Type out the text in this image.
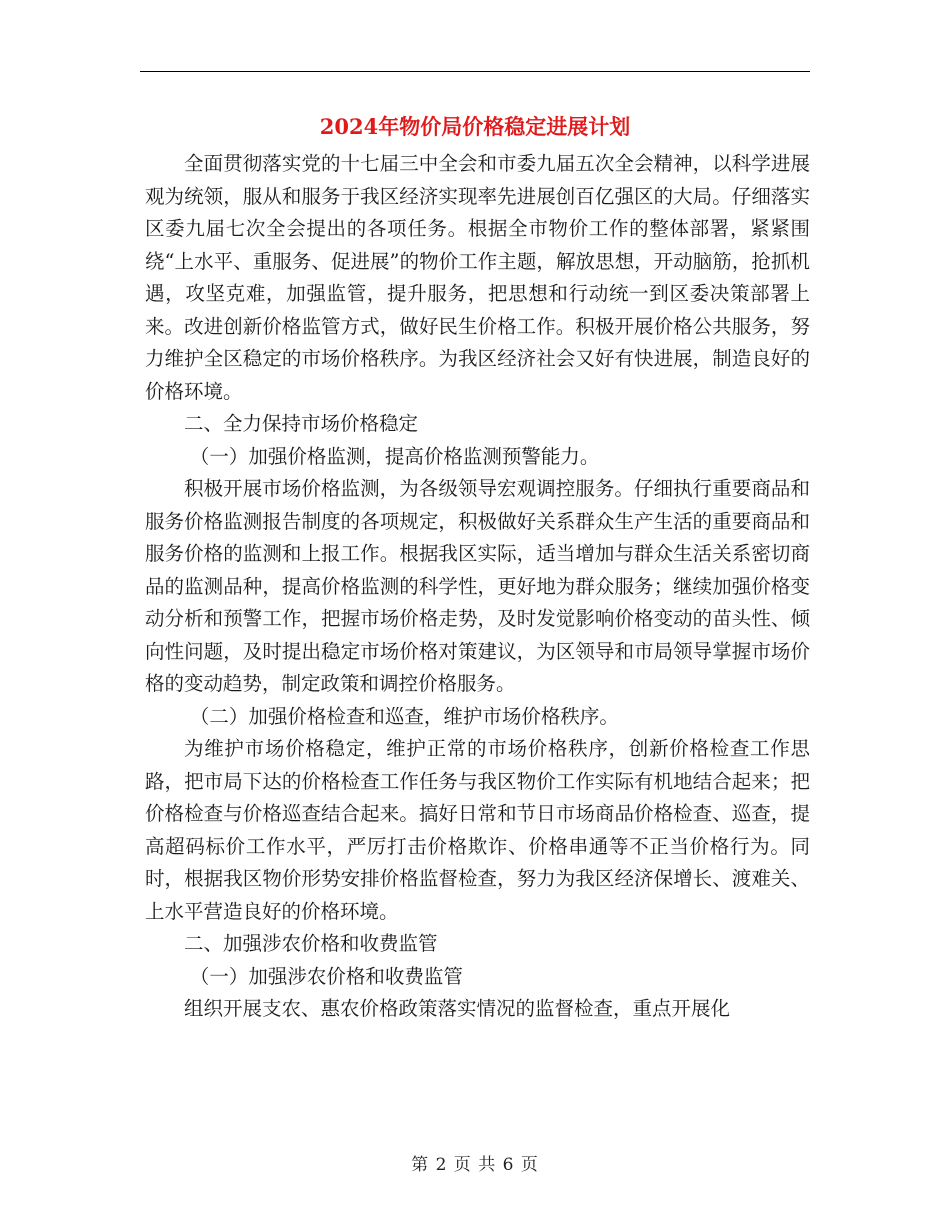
2024年物价局价格稳定进展计划

全面贯彻落实党的十七届三中全会和市委九届五次全会精神，以科学进展观为统领，服从和服务于我区经济实现率先进展创百亿强区的大局。仔细落实区委九届七次全会提出的各项任务。根据全市物价工作的整体部署，紧紧围绕“上水平、重服务、促进展”的物价工作主题，解放思想，开动脑筋，抢抓机遇，攻坚克难，加强监管，提升服务，把思想和行动统一到区委决策部署上来。改进创新价格监管方式，做好民生价格工作。积极开展价格公共服务，努力维护全区稳定的市场价格秩序。为我区经济社会又好有快进展，制造良好的价格环境。

二、全力保持市场价格稳定

（一）加强价格监测，提高价格监测预警能力。

积极开展市场价格监测，为各级领导宏观调控服务。仔细执行重要商品和服务价格监测报告制度的各项规定，积极做好关系群众生产生活的重要商品和服务价格的监测和上报工作。根据我区实际，适当增加与群众生活关系密切商品的监测品种，提高价格监测的科学性，更好地为群众服务；继续加强价格变动分析和预警工作，把握市场价格走势，及时发觉影响价格变动的苗头性、倾向性问题，及时提出稳定市场价格对策建议，为区领导和市局领导掌握市场价格的变动趋势，制定政策和调控价格服务。

（二）加强价格检查和巡查，维护市场价格秩序。

为维护市场价格稳定，维护正常的市场价格秩序，创新价格检查工作思路，把市局下达的价格检查工作任务与我区物价工作实际有机地结合起来；把价格检查与价格巡查结合起来。搞好日常和节日市场商品价格检查、巡查，提高超码标价工作水平，严厉打击价格欺诈、价格串通等不正当价格行为。同时，根据我区物价形势安排价格监督检查，努力为我区经济保增长、渡难关、上水平营造良好的价格环境。

二、加强涉农价格和收费监管

（一）加强涉农价格和收费监管

组织开展支农、惠农价格政策落实情况的监督检查，重点开展化

第 2 页 共 6 页
